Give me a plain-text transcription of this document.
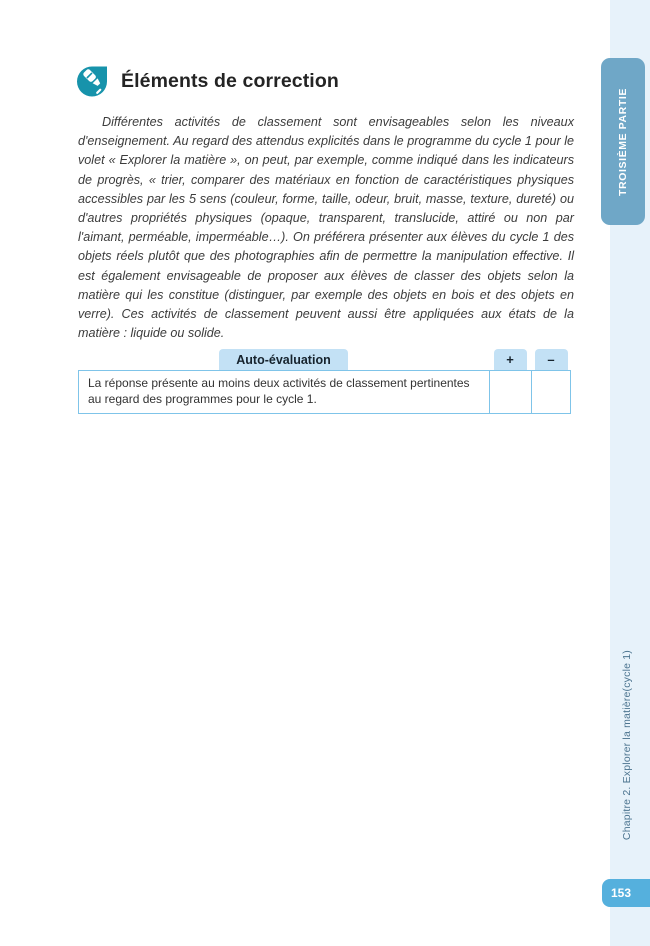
Éléments de correction

Différentes activités de classement sont envisageables selon les niveaux d'enseignement. Au regard des attendus explicités dans le programme du cycle 1 pour le volet « Explorer la matière », on peut, par exemple, comme indiqué dans les indicateurs de progrès, « trier, comparer des matériaux en fonction de caractéristiques physiques accessibles par les 5 sens (couleur, forme, taille, odeur, bruit, masse, texture, dureté) ou d'autres propriétés physiques (opaque, transparent, translucide, attiré ou non par l'aimant, perméable, imperméable…). On préférera présenter aux élèves du cycle 1 des objets réels plutôt que des photographies afin de permettre la manipulation effective. Il est également envisageable de proposer aux élèves de classer des objets selon la matière qui les constitue (distinguer, par exemple des objets en bois et des objets en verre). Ces activités de classement peuvent aussi être appliquées aux états de la matière : liquide ou solide.

Auto-évaluation	+	–
La réponse présente au moins deux activités de classement pertinentes au regard des programmes pour le cycle 1.
TROISIÈME PARTIE
Chapitre 2. Explorer la matière(cycle 1)
153
